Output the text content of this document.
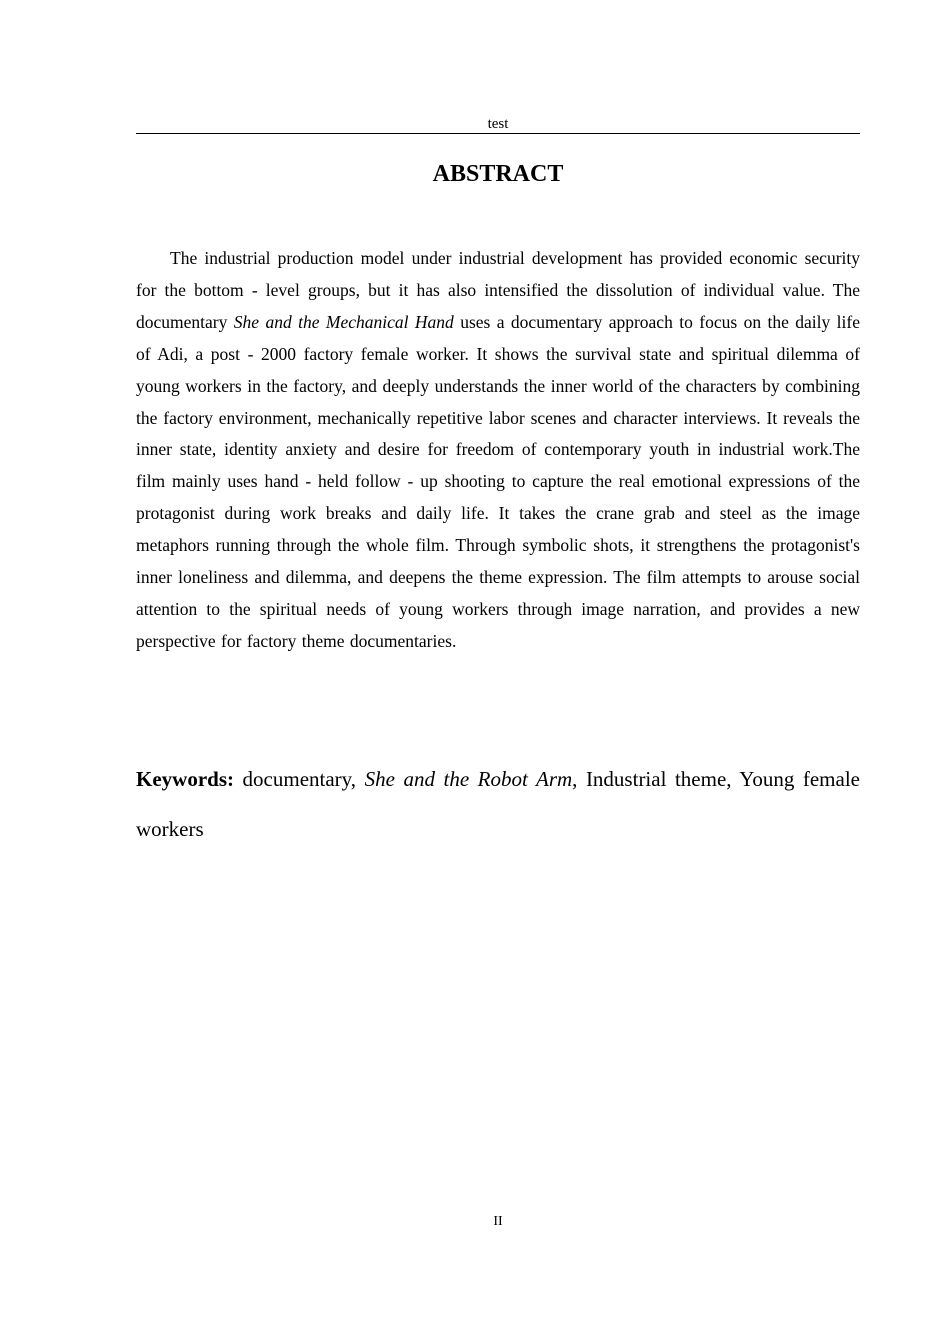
test
ABSTRACT

The industrial production model under industrial development has provided economic security for the bottom - level groups, but it has also intensified the dissolution of individual value. The documentary She and the Mechanical Hand uses a documentary approach to focus on the daily life of Adi, a post - 2000 factory female worker. It shows the survival state and spiritual dilemma of young workers in the factory, and deeply understands the inner world of the characters by combining the factory environment, mechanically repetitive labor scenes and character interviews. It reveals the inner state, identity anxiety and desire for freedom of contemporary youth in industrial work.The film mainly uses hand - held follow - up shooting to capture the real emotional expressions of the protagonist during work breaks and daily life. It takes the crane grab and steel as the image metaphors running through the whole film. Through symbolic shots, it strengthens the protagonist's inner loneliness and dilemma, and deepens the theme expression. The film attempts to arouse social attention to the spiritual needs of young workers through image narration, and provides a new perspective for factory theme documentaries.

Keywords: documentary, She and the Robot Arm, Industrial theme, Young female workers

II
